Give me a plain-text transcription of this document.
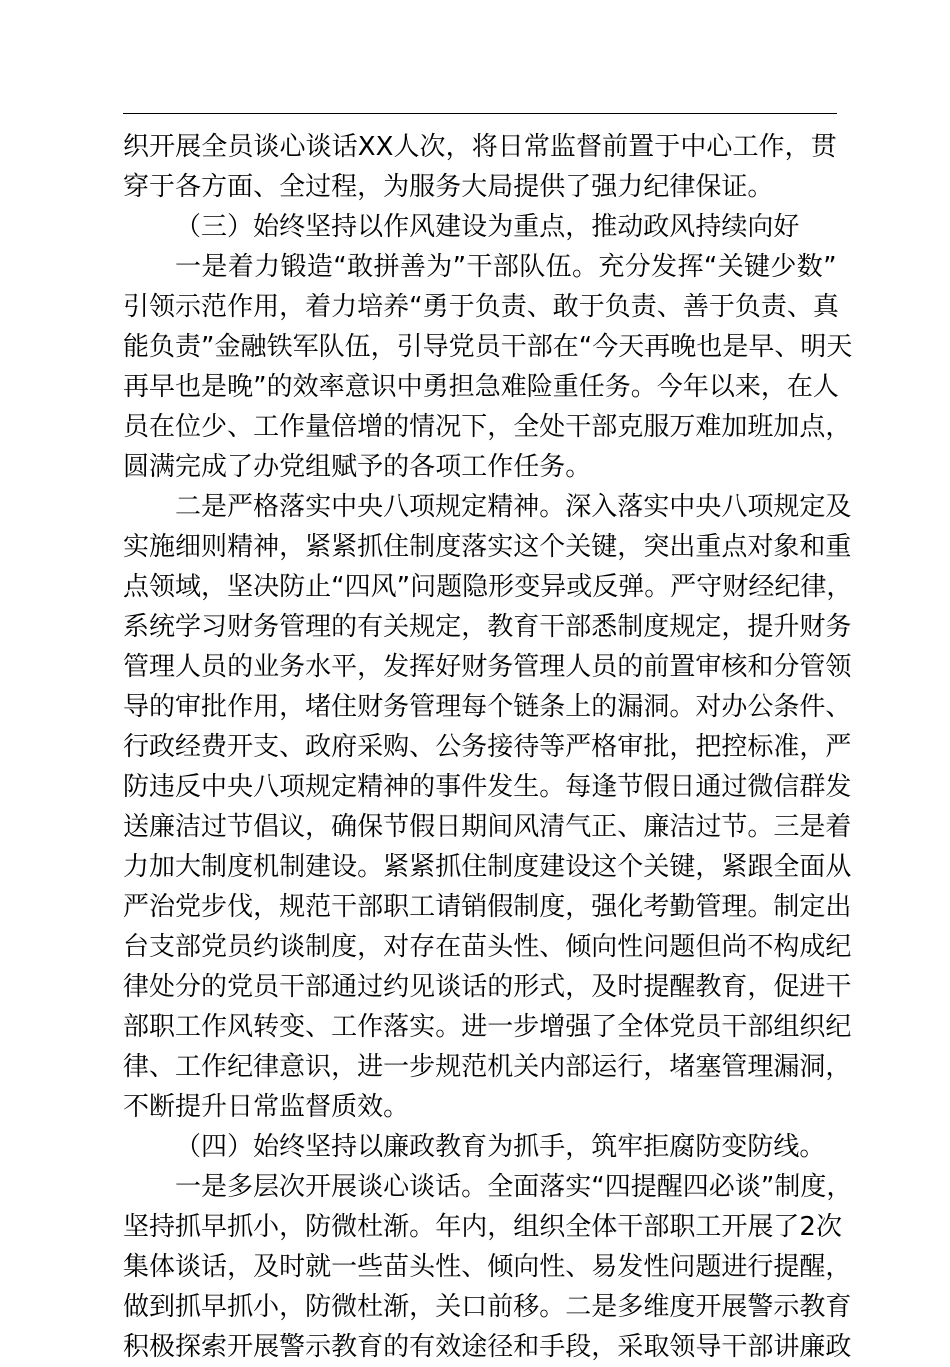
织 开 展 全 员 谈 心 谈 话 X X 人 次 ， 将 日 常 监 督 前 置 于 中 心 工 作 ， 贯
穿 于 各 方 面 、 全 过 程 ， 为 服 务 大 局 提 供 了 强 力 纪 律 保 证 。
（ 三 ） 始 终 坚 持 以 作 风 建 设 为 重 点 ， 推 动 政 风 持 续 向 好
一 是 着 力 锻 造 “ 敢 拼 善 为 ” 干 部 队 伍 。 充 分 发 挥 “ 关 键 少 数 ”
引 领 示 范 作 用 ， 着 力 培 养 “ 勇 于 负 责 、 敢 于 负 责 、 善 于 负 责 、 真
能 负 责 ” 金 融 铁 军 队 伍 ， 引 导 党 员 干 部 在 “ 今 天 再 晚 也 是 早 、 明 天
再 早 也 是 晚 ” 的 效 率 意 识 中 勇 担 急 难 险 重 任 务 。 今 年 以 来 ， 在 人
员 在 位 少 、 工 作 量 倍 增 的 情 况 下 ， 全 处 干 部 克 服 万 难 加 班 加 点 ，
圆 满 完 成 了 办 党 组 赋 予 的 各 项 工 作 任 务 。
二 是 严 格 落 实 中 央 八 项 规 定 精 神 。 深 入 落 实 中 央 八 项 规 定 及
实 施 细 则 精 神 ， 紧 紧 抓 住 制 度 落 实 这 个 关 键 ， 突 出 重 点 对 象 和 重
点 领 域 ， 坚 决 防 止 “ 四 风 ” 问 题 隐 形 变 异 或 反 弹 。 严 守 财 经 纪 律 ，
系 统 学 习 财 务 管 理 的 有 关 规 定 ， 教 育 干 部 悉 制 度 规 定 ， 提 升 财 务
管 理 人 员 的 业 务 水 平 ， 发 挥 好 财 务 管 理 人 员 的 前 置 审 核 和 分 管 领
导 的 审 批 作 用 ， 堵 住 财 务 管 理 每 个 链 条 上 的 漏 洞 。 对 办 公 条 件 、
行 政 经 费 开 支 、 政 府 采 购 、 公 务 接 待 等 严 格 审 批 ， 把 控 标 准 ， 严
防 违 反 中 央 八 项 规 定 精 神 的 事 件 发 生 。 每 逢 节 假 日 通 过 微 信 群 发
送 廉 洁 过 节 倡 议 ， 确 保 节 假 日 期 间 风 清 气 正 、 廉 洁 过 节 。 三 是 着
力 加 大 制 度 机 制 建 设 。 紧 紧 抓 住 制 度 建 设 这 个 关 键 ， 紧 跟 全 面 从
严 治 党 步 伐 ， 规 范 干 部 职 工 请 销 假 制 度 ， 强 化 考 勤 管 理 。 制 定 出
台 支 部 党 员 约 谈 制 度 ， 对 存 在 苗 头 性 、 倾 向 性 问 题 但 尚 不 构 成 纪
律 处 分 的 党 员 干 部 通 过 约 见 谈 话 的 形 式 ， 及 时 提 醒 教 育 ， 促 进 干
部 职 工 作 风 转 变 、 工 作 落 实 。 进 一 步 增 强 了 全 体 党 员 干 部 组 织 纪
律 、 工 作 纪 律 意 识 ， 进 一 步 规 范 机 关 内 部 运 行 ， 堵 塞 管 理 漏 洞 ，
不 断 提 升 日 常 监 督 质 效 。
（ 四 ） 始 终 坚 持 以 廉 政 教 育 为 抓 手 ， 筑 牢 拒 腐 防 变 防 线 。
一 是 多 层 次 开 展 谈 心 谈 话 。 全 面 落 实 “ 四 提 醒 四 必 谈 ” 制 度 ，
坚 持 抓 早 抓 小 ， 防 微 杜 渐 。 年 内 ， 组 织 全 体 干 部 职 工 开 展 了 2 次
集 体 谈 话 ， 及 时 就 一 些 苗 头 性 、 倾 向 性 、 易 发 性 问 题 进 行 提 醒 ，
做 到 抓 早 抓 小 ， 防 微 杜 渐 ， 关 口 前 移 。 二 是 多 维 度 开 展 警 示 教 育
积 极 探 索 开 展 警 示 教 育 的 有 效 途 径 和 手 段 ， 采 取 领 导 干 部 讲 廉 政
